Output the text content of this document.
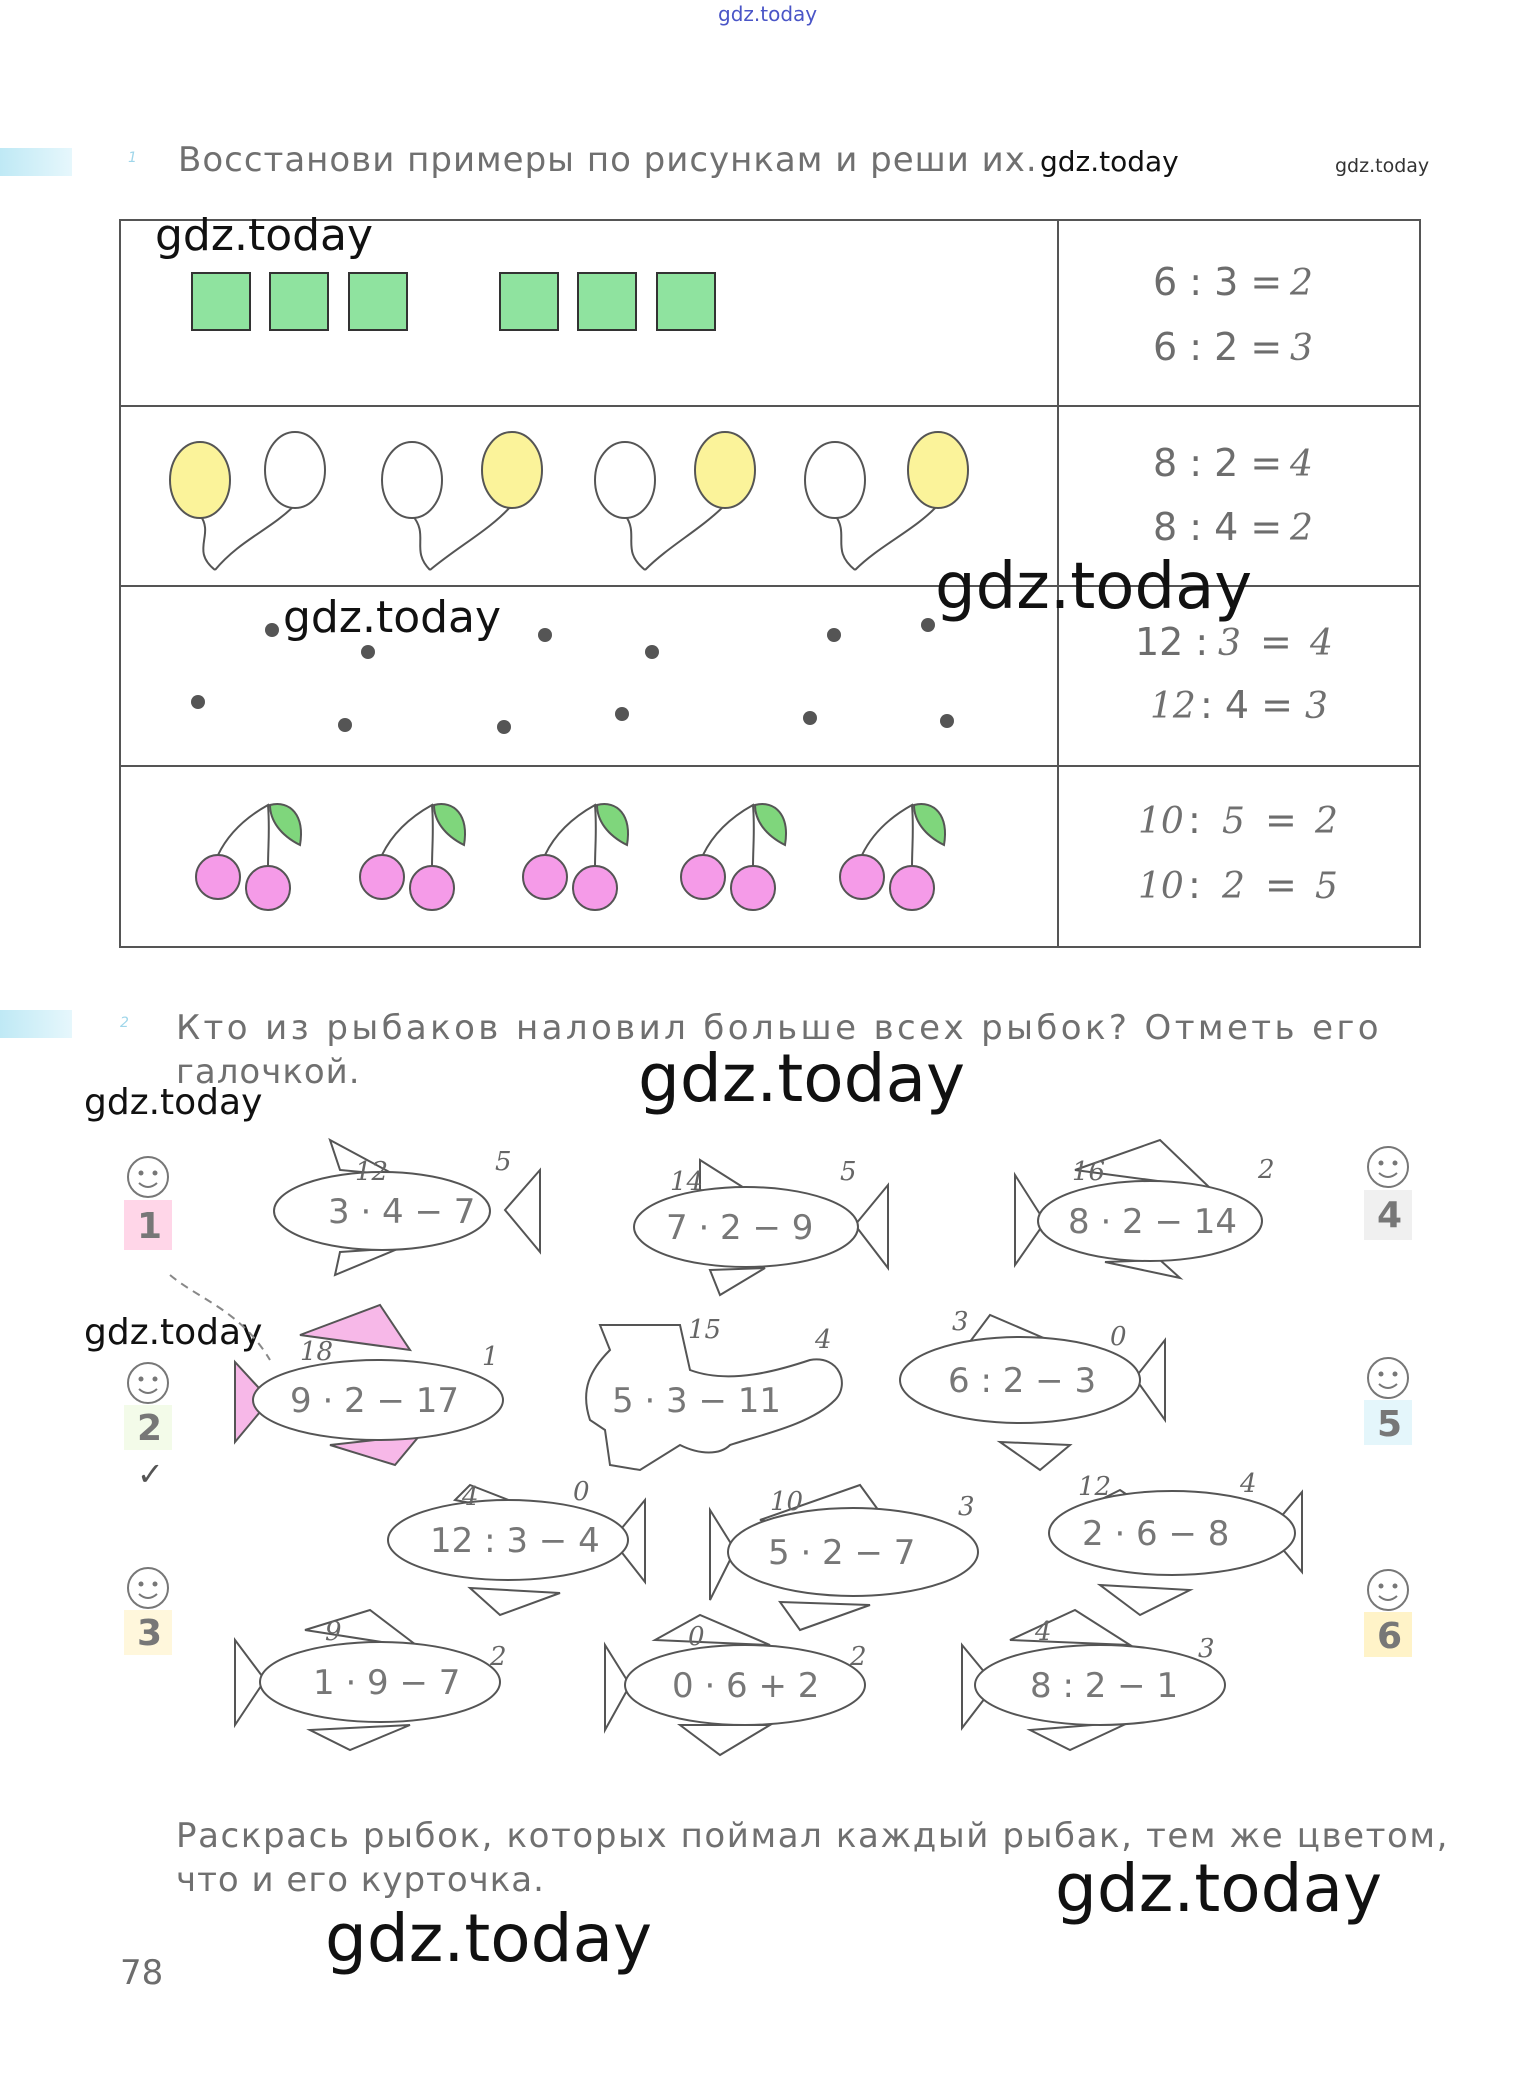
gdz.today
1 Восстанови примеры по рисункам и реши их. gdz.today	gdz.today
6 : 3 = 2
6 : 2 = 3
8 : 2 = 4
8 : 4 = 2
12 : 3 = 4
12 : 4 = 3
10 : 5 = 2
10 : 2 = 5
gdz.today
gdz.today	gdz.today
2 Кто из рыбаков наловил больше всех рыбок? Отметь его
галочкой.	gdz.today
gdz.today
gdz.today
1
2
✓
3
4
5
6
3 · 4 − 7
12	5
7 · 2 − 9
14	5
8 · 2 − 14
16	2
9 · 2 − 17
18	1
5 · 3 − 11
15	4
6 : 2 − 3
3	0
12 : 3 − 4
4	0
5 · 2 − 7
10	3
2 · 6 − 8
12	4
1 · 9 − 7
9
2
0 · 6 + 2
0
2
8 : 2 − 1
4
3
Раскрась рыбок, которых поймал каждый рыбак, тем же цветом,
что и его курточка.	gdz.today
gdz.today
78
